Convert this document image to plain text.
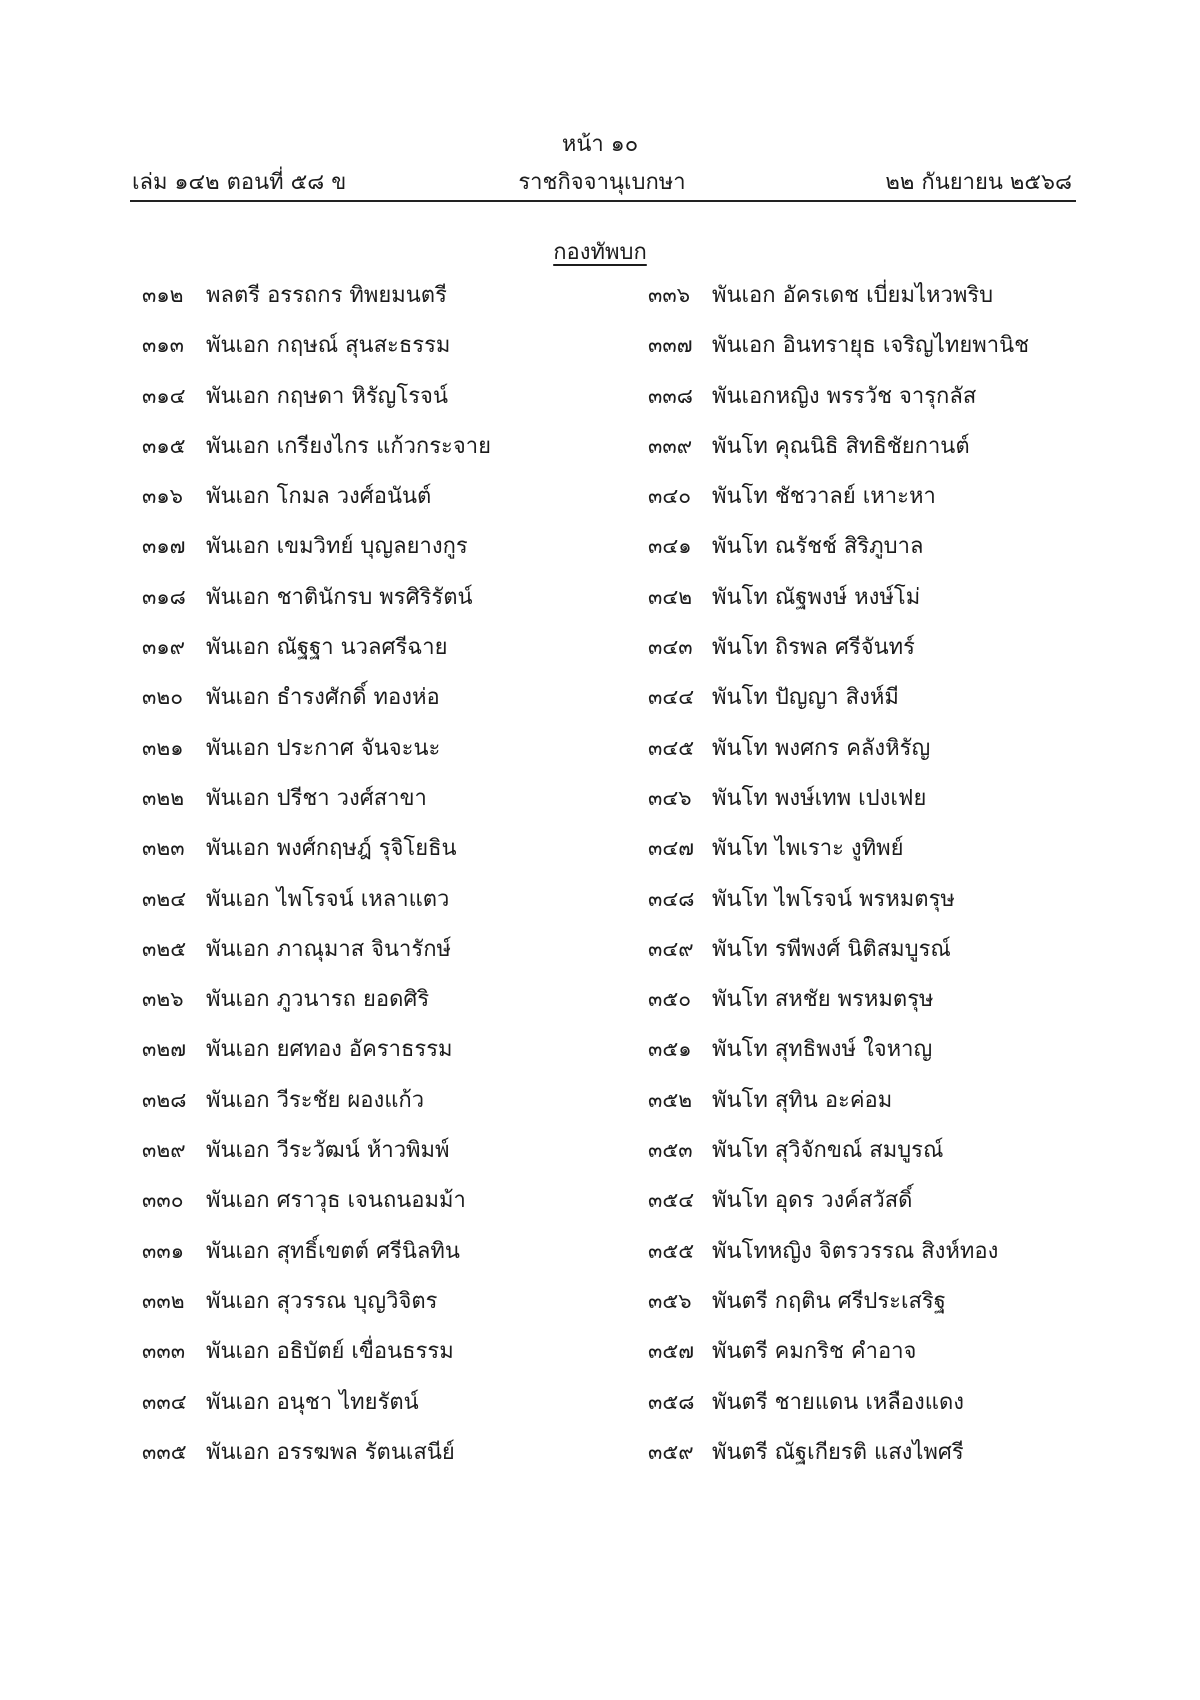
หน้า ๑๐
เล่ม ๑๔๒ ตอนที่ ๕๘ ข	ราชกิจจานุเบกษา	๒๒ กันยายน ๒๕๖๘
กองทัพบก
๓๑๒ พลตรี อรรถกร ทิพยมนตรี
๓๑๓ พันเอก กฤษณ์ สุนสะธรรม
๓๑๔ พันเอก กฤษดา หิรัญโรจน์
๓๑๕ พันเอก เกรียงไกร แก้วกระจาย
๓๑๖ พันเอก โกมล วงศ์อนันต์
๓๑๗ พันเอก เขมวิทย์ บุญลยางกูร
๓๑๘ พันเอก ชาตินักรบ พรศิริรัตน์
๓๑๙ พันเอก ณัฐฐา นวลศรีฉาย
๓๒๐ พันเอก ธำรงศักดิ์ ทองห่อ
๓๒๑ พันเอก ประกาศ จันจะนะ
๓๒๒ พันเอก ปรีชา วงศ์สาขา
๓๒๓ พันเอก พงศ์กฤษฎ์ รุจิโยธิน
๓๒๔ พันเอก ไพโรจน์ เหลาแตว
๓๒๕ พันเอก ภาณุมาส จินารักษ์
๓๒๖ พันเอก ภูวนารถ ยอดศิริ
๓๒๗ พันเอก ยศทอง อัคราธรรม
๓๒๘ พันเอก วีระชัย ผองแก้ว
๓๒๙ พันเอก วีระวัฒน์ ห้าวพิมพ์
๓๓๐ พันเอก ศราวุธ เจนถนอมม้า
๓๓๑ พันเอก สุทธิ์เขตต์ ศรีนิลทิน
๓๓๒ พันเอก สุวรรณ บุญวิจิตร
๓๓๓ พันเอก อธิบัตย์ เขื่อนธรรม
๓๓๔ พันเอก อนุชา ไทยรัตน์
๓๓๕ พันเอก อรรฆพล รัตนเสนีย์
๓๓๖ พันเอก อัครเดช เบี่ยมไหวพริบ
๓๓๗ พันเอก อินทรายุธ เจริญไทยพานิช
๓๓๘ พันเอกหญิง พรรวัช จารุกลัส
๓๓๙ พันโท คุณนิธิ สิทธิชัยกานต์
๓๔๐ พันโท ชัชวาลย์ เหาะหา
๓๔๑ พันโท ณรัชช์ สิริภูบาล
๓๔๒ พันโท ณัฐพงษ์ หงษ์โม่
๓๔๓ พันโท ถิรพล ศรีจันทร์
๓๔๔ พันโท ปัญญา สิงห์มี
๓๔๕ พันโท พงศกร คลังหิรัญ
๓๔๖ พันโท พงษ์เทพ เปงเฟย
๓๔๗ พันโท ไพเราะ งูทิพย์
๓๔๘ พันโท ไพโรจน์ พรหมตรุษ
๓๔๙ พันโท รพีพงศ์ นิติสมบูรณ์
๓๕๐ พันโท สหชัย พรหมตรุษ
๓๕๑ พันโท สุทธิพงษ์ ใจหาญ
๓๕๒ พันโท สุทิน อะค่อม
๓๕๓ พันโท สุวิจักขณ์ สมบูรณ์
๓๕๔ พันโท อุดร วงค์สวัสดิ์
๓๕๕ พันโทหญิง จิตรวรรณ สิงห์ทอง
๓๕๖ พันตรี กฤติน ศรีประเสริฐ
๓๕๗ พันตรี คมกริช คำอาจ
๓๕๘ พันตรี ชายแดน เหลืองแดง
๓๕๙ พันตรี ณัฐเกียรติ แสงไพศรี
